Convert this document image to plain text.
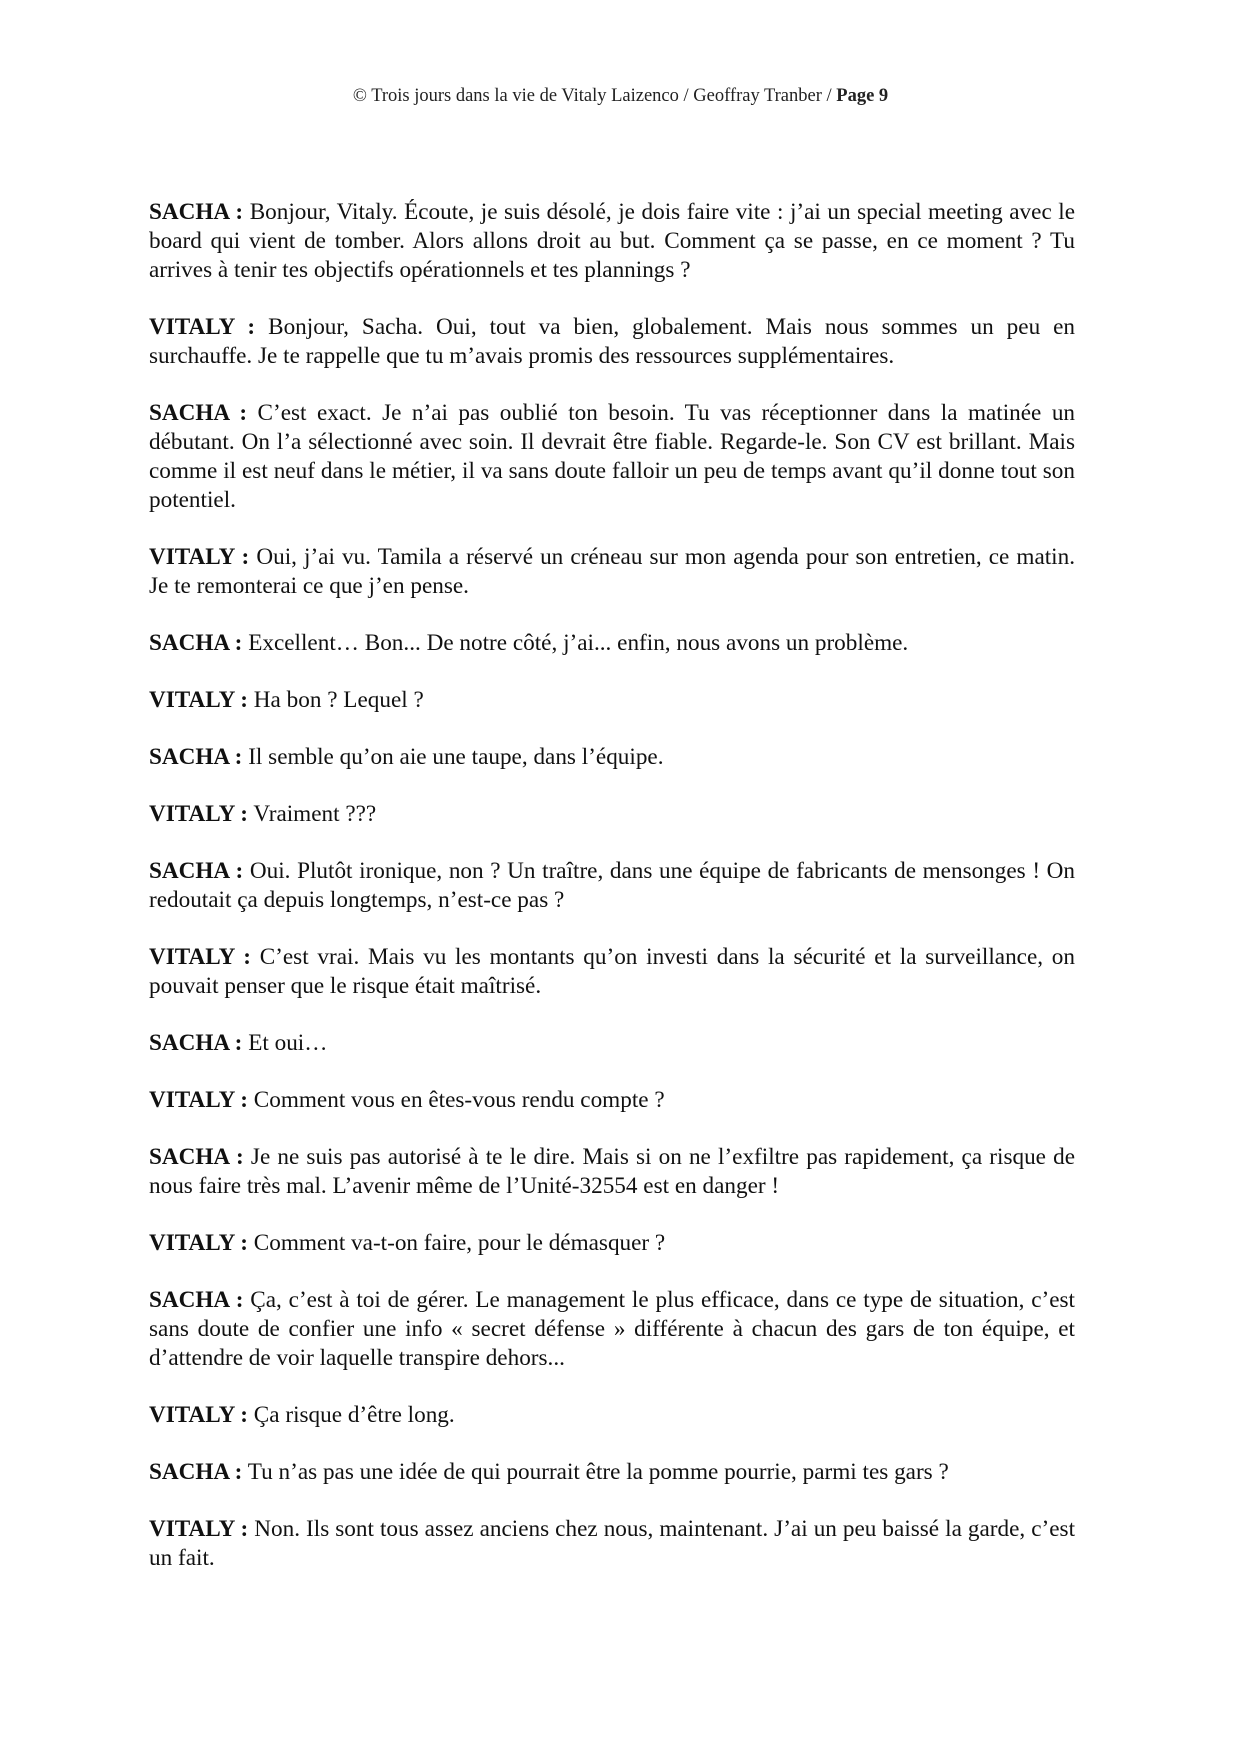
© Trois jours dans la vie de Vitaly Laizenco / Geoffray Tranber / Page 9

SACHA : Bonjour, Vitaly. Écoute, je suis désolé, je dois faire vite : j’ai un special meeting avec le board qui vient de tomber. Alors allons droit au but. Comment ça se passe, en ce moment ? Tu arrives à tenir tes objectifs opérationnels et tes plannings ?

VITALY : Bonjour, Sacha. Oui, tout va bien, globalement. Mais nous sommes un peu en surchauffe. Je te rappelle que tu m’avais promis des ressources supplémentaires.

SACHA : C’est exact. Je n’ai pas oublié ton besoin. Tu vas réceptionner dans la matinée un débutant. On l’a sélectionné avec soin. Il devrait être fiable. Regarde-le. Son CV est brillant. Mais comme il est neuf dans le métier, il va sans doute falloir un peu de temps avant qu’il donne tout son potentiel.

VITALY : Oui, j’ai vu. Tamila a réservé un créneau sur mon agenda pour son entretien, ce matin. Je te remonterai ce que j’en pense.

SACHA : Excellent… Bon... De notre côté, j’ai... enfin, nous avons un problème.

VITALY : Ha bon ? Lequel ?

SACHA : Il semble qu’on aie une taupe, dans l’équipe.

VITALY : Vraiment ???

SACHA : Oui. Plutôt ironique, non ? Un traître, dans une équipe de fabricants de mensonges ! On redoutait ça depuis longtemps, n’est-ce pas ?

VITALY : C’est vrai. Mais vu les montants qu’on investi dans la sécurité et la surveillance, on pouvait penser que le risque était maîtrisé.

SACHA : Et oui…

VITALY : Comment vous en êtes-vous rendu compte ?

SACHA : Je ne suis pas autorisé à te le dire. Mais si on ne l’exfiltre pas rapidement, ça risque de nous faire très mal. L’avenir même de l’Unité-32554 est en danger !

VITALY : Comment va-t-on faire, pour le démasquer ?

SACHA : Ça, c’est à toi de gérer. Le management le plus efficace, dans ce type de situation, c’est sans doute de confier une info « secret défense » différente à chacun des gars de ton équipe, et d’attendre de voir laquelle transpire dehors...

VITALY : Ça risque d’être long.

SACHA : Tu n’as pas une idée de qui pourrait être la pomme pourrie, parmi tes gars ?

VITALY : Non. Ils sont tous assez anciens chez nous, maintenant. J’ai un peu baissé la garde, c’est un fait.
